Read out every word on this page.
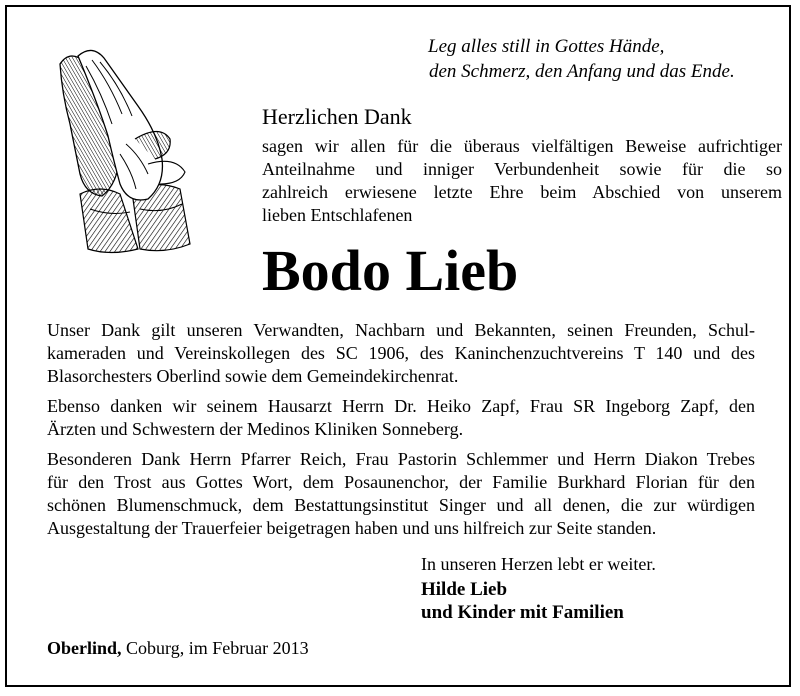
Leg alles still in Gottes Hände,
den Schmerz, den Anfang und das Ende.
Herzlichen Dank
sagen wir allen für die überaus vielfältigen Beweise aufrichtiger
Anteilnahme und inniger Verbundenheit sowie für die so
zahlreich erwiesene letzte Ehre beim Abschied von unserem
lieben Entschlafenen
Bodo Lieb
Unser Dank gilt unseren Verwandten, Nachbarn und Bekannten, seinen Freunden, Schul-
kameraden und Vereinskollegen des SC 1906, des Kaninchenzuchtvereins T 140 und des
Blasorchesters Oberlind sowie dem Gemeindekirchenrat.
Ebenso danken wir seinem Hausarzt Herrn Dr. Heiko Zapf, Frau SR Ingeborg Zapf, den
Ärzten und Schwestern der Medinos Kliniken Sonneberg.
Besonderen Dank Herrn Pfarrer Reich, Frau Pastorin Schlemmer und Herrn Diakon Trebes
für den Trost aus Gottes Wort, dem Posaunenchor, der Familie Burkhard Florian für den
schönen Blumenschmuck, dem Bestattungsinstitut Singer und all denen, die zur würdigen
Ausgestaltung der Trauerfeier beigetragen haben und uns hilfreich zur Seite standen.
In unseren Herzen lebt er weiter.
Hilde Lieb
und Kinder mit Familien
Oberlind, Coburg, im Februar 2013
